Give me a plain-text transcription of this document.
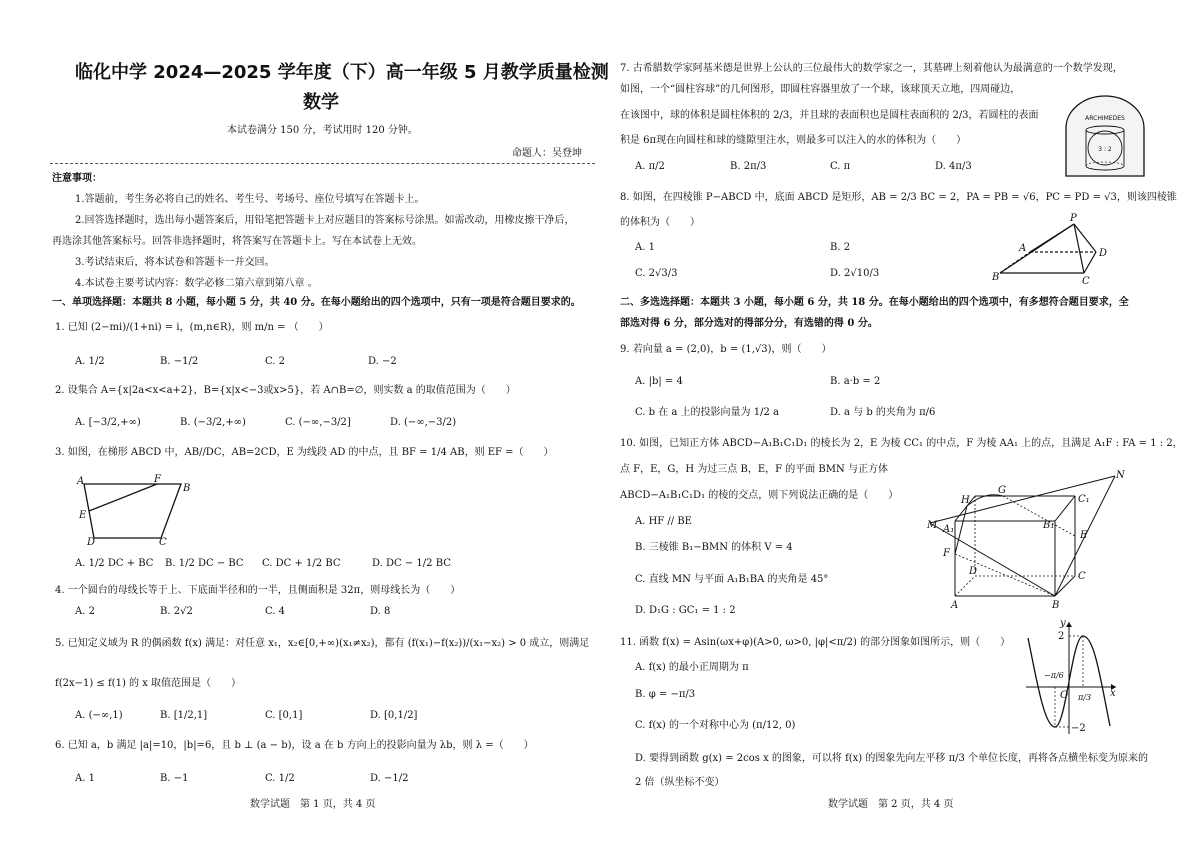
临化中学 2024—2025 学年度（下）高一年级 5 月教学质量检测
数学
本试卷满分 150 分，考试用时 120 分钟。
命题人：吴登坤
注意事项：
1.答题前，考生务必将自己的姓名、考生号、考场号、座位号填写在答题卡上。
2.回答选择题时，选出每小题答案后，用铅笔把答题卡上对应题目的答案标号涂黑。如需改动，用橡皮擦干净后，
再选涂其他答案标号。回答非选择题时，将答案写在答题卡上。写在本试卷上无效。
3.考试结束后，将本试卷和答题卡一并交回。
4.本试卷主要考试内容：数学必修二第六章到第八章 。
一、单项选择题：本题共 8 小题，每小题 5 分，共 40 分。在每小题给出的四个选项中，只有一项是符合题目要求的。
1. 已知 (2−mi)/(1+ni) = i，(m,n∈R)，则 m/n = （　　）
A. 1/2	B. −1/2	C. 2	D. −2
2. 设集合 A={x|2a<x<a+2}，B={x|x<−3或x>5}，若 A∩B=∅，则实数 a 的取值范围为（　　）
A. [−3/2,+∞)	B. (−3/2,+∞)	C. (−∞,−3/2]	D. (−∞,−3/2)
3. 如图，在梯形 ABCD 中，AB//DC，AB=2CD，E 为线段 AD 的中点，且 BF = 1/4 AB，则 EF =（　　）
A	F
B
E
D	C
A. 1/2 DC + BC B. 1/2 DC − BC C. DC + 1/2 BC	D. DC − 1/2 BC
4. 一个圆台的母线长等于上、下底面半径和的一半，且侧面积是 32π，则母线长为（　　）
A. 2	B. 2√2	C. 4	D. 8
5. 已知定义域为 R 的偶函数 f(x) 满足：对任意 x₁，x₂∈[0,+∞)(x₁≠x₂)，都有 (f(x₁)−f(x₂))/(x₁−x₂) > 0 成立，则满足
f(2x−1) ≤ f(1) 的 x 取值范围是（　　）
A. (−∞,1)	B. [1/2,1]	C. [0,1]	D. [0,1/2]
6. 已知 a，b 满足 |a|=10，|b|=6，且 b ⊥ (a − b)，设 a 在 b 方向上的投影向量为 λb，则 λ =（　　）
A. 1	B. −1	C. 1/2	D. −1/2
数学试题　第 1 页，共 4 页
7. 古希腊数学家阿基米德是世界上公认的三位最伟大的数学家之一，其墓碑上刻着他认为最满意的一个数学发现，
如图，一个“圆柱容球”的几何图形，即圆柱容器里放了一个球，该球顶天立地，四周碰边，
在该图中，球的体积是圆柱体积的 2/3，并且球的表面积也是圆柱表面积的 2/3，若圆柱的表面
积是 6π现在向圆柱和球的缝隙里注水，则最多可以注入的水的体积为（　　）
A. π/2	B. 2π/3	C. π	D. 4π/3
ARCHIMEDES
3 : 2
8. 如图，在四棱锥 P−ABCD 中，底面 ABCD 是矩形，AB = 2/3 BC = 2，PA = PB = √6，PC = PD = √3，则该四棱锥
的体积为（　　）
A. 1	B. 2
C. 2√3/3	D. 2√10/3
P
A	D
B	C
二、多选选择题：本题共 3 小题，每小题 6 分，共 18 分。在每小题给出的四个选项中，有多想符合题目要求，全
部选对得 6 分，部分选对的得部分分，有选错的得 0 分。
9. 若向量 a = (2,0)，b = (1,√3)，则（　　）
A. |b| = 4	B. a·b = 2
C. b 在 a 上的投影向量为 1/2 a	D. a 与 b 的夹角为 π/6
10. 如图，已知正方体 ABCD−A₁B₁C₁D₁ 的棱长为 2，E 为棱 CC₁ 的中点，F 为棱 AA₁ 上的点，且满足 A₁F : FA = 1 : 2，
点 F，E，G，H 为过三点 B，E，F 的平面 BMN 与正方体
ABCD−A₁B₁C₁D₁ 的棱的交点，则下列说法正确的是（　　）
A. HF // BE
B. 三棱锥 B₁−BMN 的体积 V = 4
C. 直线 MN 与平面 A₁B₁BA 的夹角是 45°
D. D₁G : GC₁ = 1 : 2
N
H
G
C₁
M A₁	B₁
E
F
D	C
A	B
11. 函数 f(x) = Asin(ωx+φ)(A>0, ω>0, |φ|<π/2) 的部分图象如图所示，则（　　）
A. f(x) 的最小正周期为 π
B. φ = −π/3
C. f(x) 的一个对称中心为 (π/12, 0)
D. 要得到函数 g(x) = 2cos x 的图象，可以将 f(x) 的图象先向左平移 π/3 个单位长度，再将各点横坐标变为原来的
2 倍（纵坐标不变）
y
2
−π/6
O π/3 x
−2
数学试题　第 2 页，共 4 页
